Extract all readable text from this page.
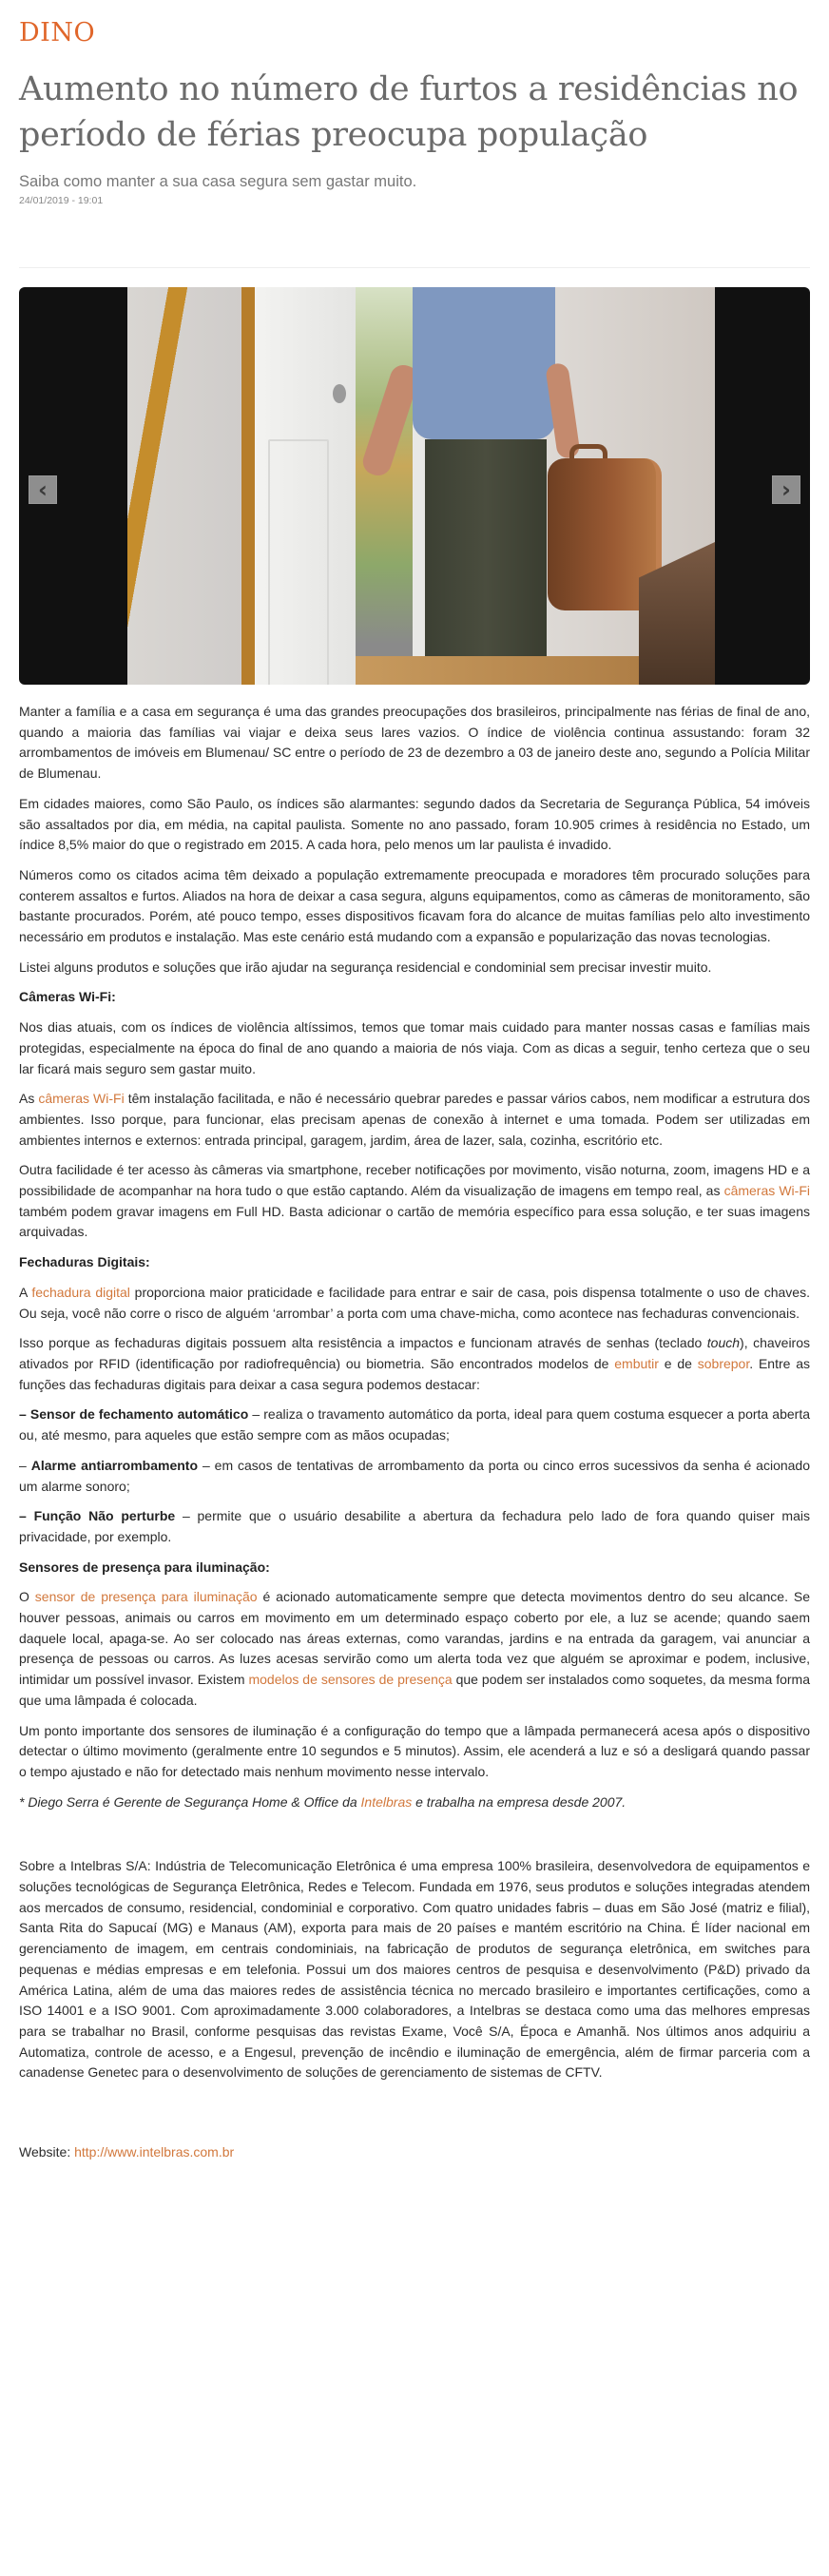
DINO
Aumento no número de furtos a residências no período de férias preocupa população
Saiba como manter a sua casa segura sem gastar muito.
24/01/2019 - 19:01
‹	›

Manter a família e a casa em segurança é uma das grandes preocupações dos brasileiros, principalmente nas férias de final de ano, quando a maioria das famílias vai viajar e deixa seus lares vazios. O índice de violência continua assustando: foram 32 arrombamentos de imóveis em Blumenau/ SC entre o período de 23 de dezembro a 03 de janeiro deste ano, segundo a Polícia Militar de Blumenau.

Em cidades maiores, como São Paulo, os índices são alarmantes: segundo dados da Secretaria de Segurança Pública, 54 imóveis são assaltados por dia, em média, na capital paulista. Somente no ano passado, foram 10.905 crimes à residência no Estado, um índice 8,5% maior do que o registrado em 2015. A cada hora, pelo menos um lar paulista é invadido.

Números como os citados acima têm deixado a população extremamente preocupada e moradores têm procurado soluções para conterem assaltos e furtos. Aliados na hora de deixar a casa segura, alguns equipamentos, como as câmeras de monitoramento, são bastante procurados. Porém, até pouco tempo, esses dispositivos ficavam fora do alcance de muitas famílias pelo alto investimento necessário em produtos e instalação. Mas este cenário está mudando com a expansão e popularização das novas tecnologias.

Listei alguns produtos e soluções que irão ajudar na segurança residencial e condominial sem precisar investir muito.

Câmeras Wi-Fi:

Nos dias atuais, com os índices de violência altíssimos, temos que tomar mais cuidado para manter nossas casas e famílias mais protegidas, especialmente na época do final de ano quando a maioria de nós viaja. Com as dicas a seguir, tenho certeza que o seu lar ficará mais seguro sem gastar muito.

As câmeras Wi-Fi têm instalação facilitada, e não é necessário quebrar paredes e passar vários cabos, nem modificar a estrutura dos ambientes. Isso porque, para funcionar, elas precisam apenas de conexão à internet e uma tomada. Podem ser utilizadas em ambientes internos e externos: entrada principal, garagem, jardim, área de lazer, sala, cozinha, escritório etc.

Outra facilidade é ter acesso às câmeras via smartphone, receber notificações por movimento, visão noturna, zoom, imagens HD e a possibilidade de acompanhar na hora tudo o que estão captando. Além da visualização de imagens em tempo real, as câmeras Wi-Fi também podem gravar imagens em Full HD. Basta adicionar o cartão de memória específico para essa solução, e ter suas imagens arquivadas.

Fechaduras Digitais:

A fechadura digital proporciona maior praticidade e facilidade para entrar e sair de casa, pois dispensa totalmente o uso de chaves. Ou seja, você não corre o risco de alguém ‘arrombar’ a porta com uma chave-micha, como acontece nas fechaduras convencionais.

Isso porque as fechaduras digitais possuem alta resistência a impactos e funcionam através de senhas (teclado touch), chaveiros ativados por RFID (identificação por radiofrequência) ou biometria. São encontrados modelos de embutir e de sobrepor. Entre as funções das fechaduras digitais para deixar a casa segura podemos destacar:

– Sensor de fechamento automático – realiza o travamento automático da porta, ideal para quem costuma esquecer a porta aberta ou, até mesmo, para aqueles que estão sempre com as mãos ocupadas;

– Alarme antiarrombamento – em casos de tentativas de arrombamento da porta ou cinco erros sucessivos da senha é acionado um alarme sonoro;

– Função Não perturbe – permite que o usuário desabilite a abertura da fechadura pelo lado de fora quando quiser mais privacidade, por exemplo.

Sensores de presença para iluminação:

O sensor de presença para iluminação é acionado automaticamente sempre que detecta movimentos dentro do seu alcance. Se houver pessoas, animais ou carros em movimento em um determinado espaço coberto por ele, a luz se acende; quando saem daquele local, apaga-se. Ao ser colocado nas áreas externas, como varandas, jardins e na entrada da garagem, vai anunciar a presença de pessoas ou carros. As luzes acesas servirão como um alerta toda vez que alguém se aproximar e podem, inclusive, intimidar um possível invasor. Existem modelos de sensores de presença que podem ser instalados como soquetes, da mesma forma que uma lâmpada é colocada.

Um ponto importante dos sensores de iluminação é a configuração do tempo que a lâmpada permanecerá acesa após o dispositivo detectar o último movimento (geralmente entre 10 segundos e 5 minutos). Assim, ele acenderá a luz e só a desligará quando passar o tempo ajustado e não for detectado mais nenhum movimento nesse intervalo.

* Diego Serra é Gerente de Segurança Home & Office da Intelbras e trabalha na empresa desde 2007.

Sobre a Intelbras S/A: Indústria de Telecomunicação Eletrônica é uma empresa 100% brasileira, desenvolvedora de equipamentos e soluções tecnológicas de Segurança Eletrônica, Redes e Telecom. Fundada em 1976, seus produtos e soluções integradas atendem aos mercados de consumo, residencial, condominial e corporativo. Com quatro unidades fabris – duas em São José (matriz e filial), Santa Rita do Sapucaí (MG) e Manaus (AM), exporta para mais de 20 países e mantém escritório na China. É líder nacional em gerenciamento de imagem, em centrais condominiais, na fabricação de produtos de segurança eletrônica, em switches para pequenas e médias empresas e em telefonia. Possui um dos maiores centros de pesquisa e desenvolvimento (P&D) privado da América Latina, além de uma das maiores redes de assistência técnica no mercado brasileiro e importantes certificações, como a ISO 14001 e a ISO 9001. Com aproximadamente 3.000 colaboradores, a Intelbras se destaca como uma das melhores empresas para se trabalhar no Brasil, conforme pesquisas das revistas Exame, Você S/A, Época e Amanhã. Nos últimos anos adquiriu a Automatiza, controle de acesso, e a Engesul, prevenção de incêndio e iluminação de emergência, além de firmar parceria com a canadense Genetec para o desenvolvimento de soluções de gerenciamento de sistemas de CFTV.

Website: http://www.intelbras.com.br
